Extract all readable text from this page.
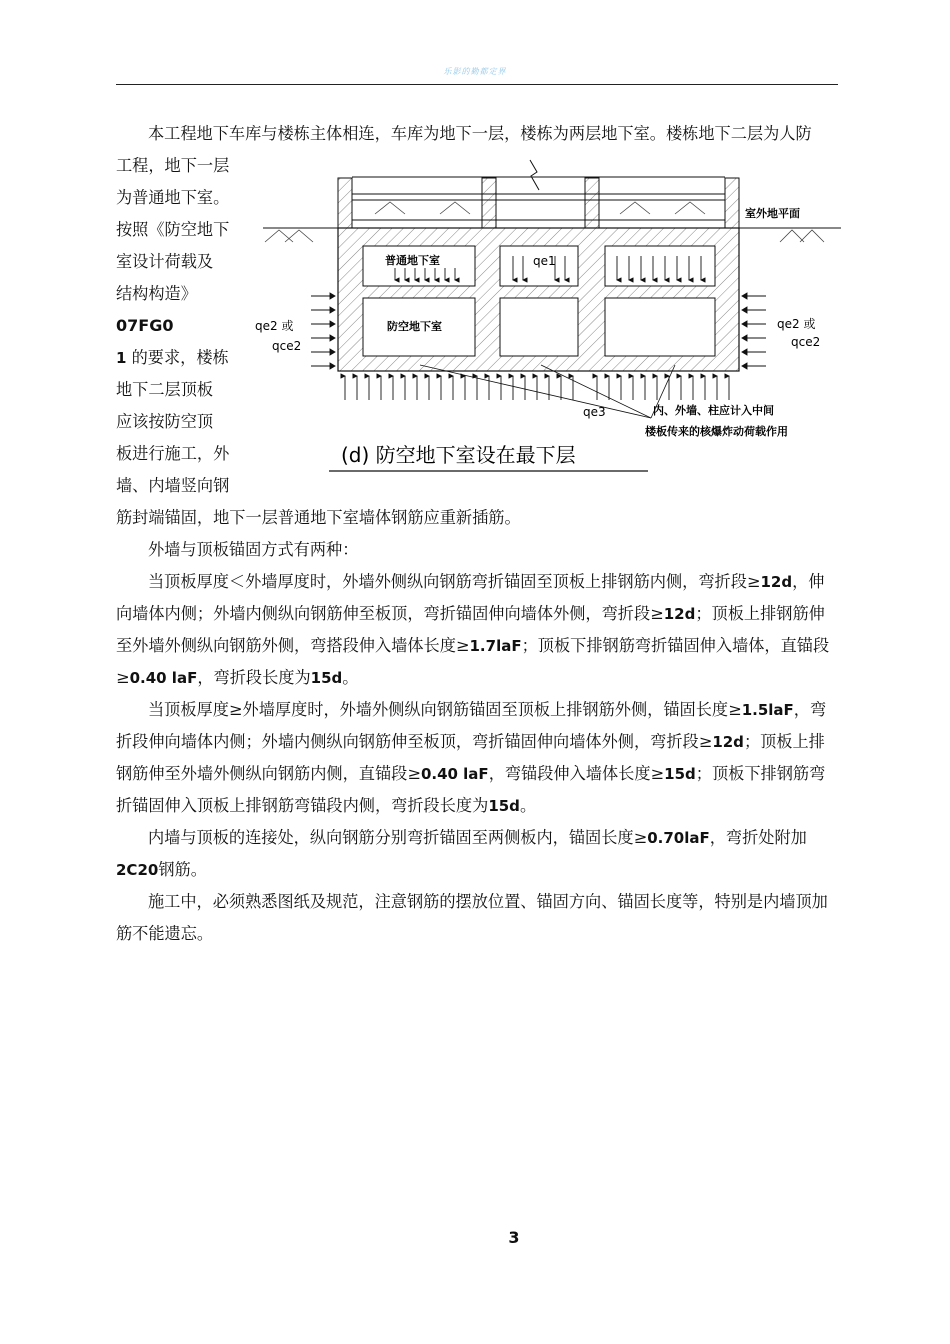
乐影的勤都定界

本工程地下车库与楼栋主体相连，车库为地下一层，楼栋为两层地下室。楼栋地下二层为人防

工程，地下一层
为普通地下室。
按照《防空地下
室设计荷载及
结构构造》
07FG0
1 的要求，楼栋
地下二层顶板
应该按防空顶
板进行施工，外
墙、内墙竖向钢
室外地平面
普通地下室
防空地下室
qe1
qe2 或
qce2
qe2 或
qce2
qe3	内、外墙、柱应计入中间
楼板传来的核爆炸动荷载作用
(d) 防空地下室设在最下层

筋封端锚固，地下一层普通地下室墙体钢筋应重新插筋。

外墙与顶板锚固方式有两种：

当顶板厚度＜外墙厚度时，外墙外侧纵向钢筋弯折锚固至顶板上排钢筋内侧，弯折段≥12d，伸向墙体内侧；外墙内侧纵向钢筋伸至板顶，弯折锚固伸向墙体外侧，弯折段≥12d；顶板上排钢筋伸至外墙外侧纵向钢筋外侧，弯搭段伸入墙体长度≥1.7laF；顶板下排钢筋弯折锚固伸入墙体，直锚段≥0.40 laF，弯折段长度为15d。

当顶板厚度≥外墙厚度时，外墙外侧纵向钢筋锚固至顶板上排钢筋外侧，锚固长度≥1.5laF，弯折段伸向墙体内侧；外墙内侧纵向钢筋伸至板顶，弯折锚固伸向墙体外侧，弯折段≥12d；顶板上排钢筋伸至外墙外侧纵向钢筋内侧，直锚段≥0.40 laF，弯锚段伸入墙体长度≥15d；顶板下排钢筋弯折锚固伸入顶板上排钢筋弯锚段内侧，弯折段长度为15d。

内墙与顶板的连接处，纵向钢筋分别弯折锚固至两侧板内，锚固长度≥0.70laF，弯折处附加2C20钢筋。

施工中，必须熟悉图纸及规范，注意钢筋的摆放位置、锚固方向、锚固长度等，特别是内墙顶加筋不能遗忘。

3
